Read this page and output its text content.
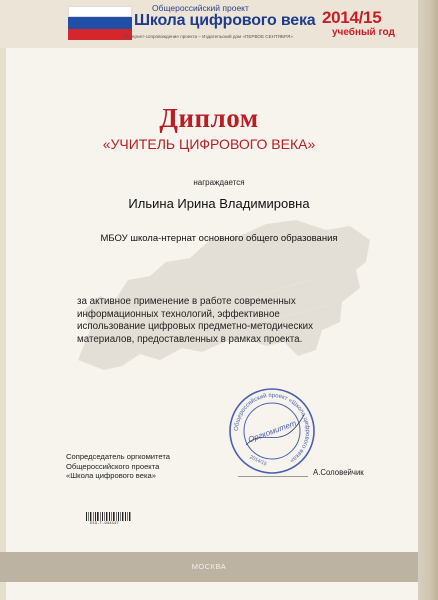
Общероссийский проект
Школа цифрового века
Интернет-сопровождение проекта – Издательский дом «ПЕРВОЕ СЕНТЯБРЯ»
2014/15
учебный год
Диплом
«УЧИТЕЛЬ ЦИФРОВОГО ВЕКА»
награждается
Ильина Ирина Владимировна
МБОУ школа-нтернат основного общего образования
за активное применение в работе современных
информационных технологий, эффективное
использование цифровых предметно-методических
материалов, предоставленных в рамках проекта.
Общероссийский проект «Школа цифрового века»
Оргкомитет
2014/15
Сопредседатель оргкомитета
Общероссийского проекта
«Школа цифрового века»	А.Соловейчик
DIG-T-944147
МОСКВА
